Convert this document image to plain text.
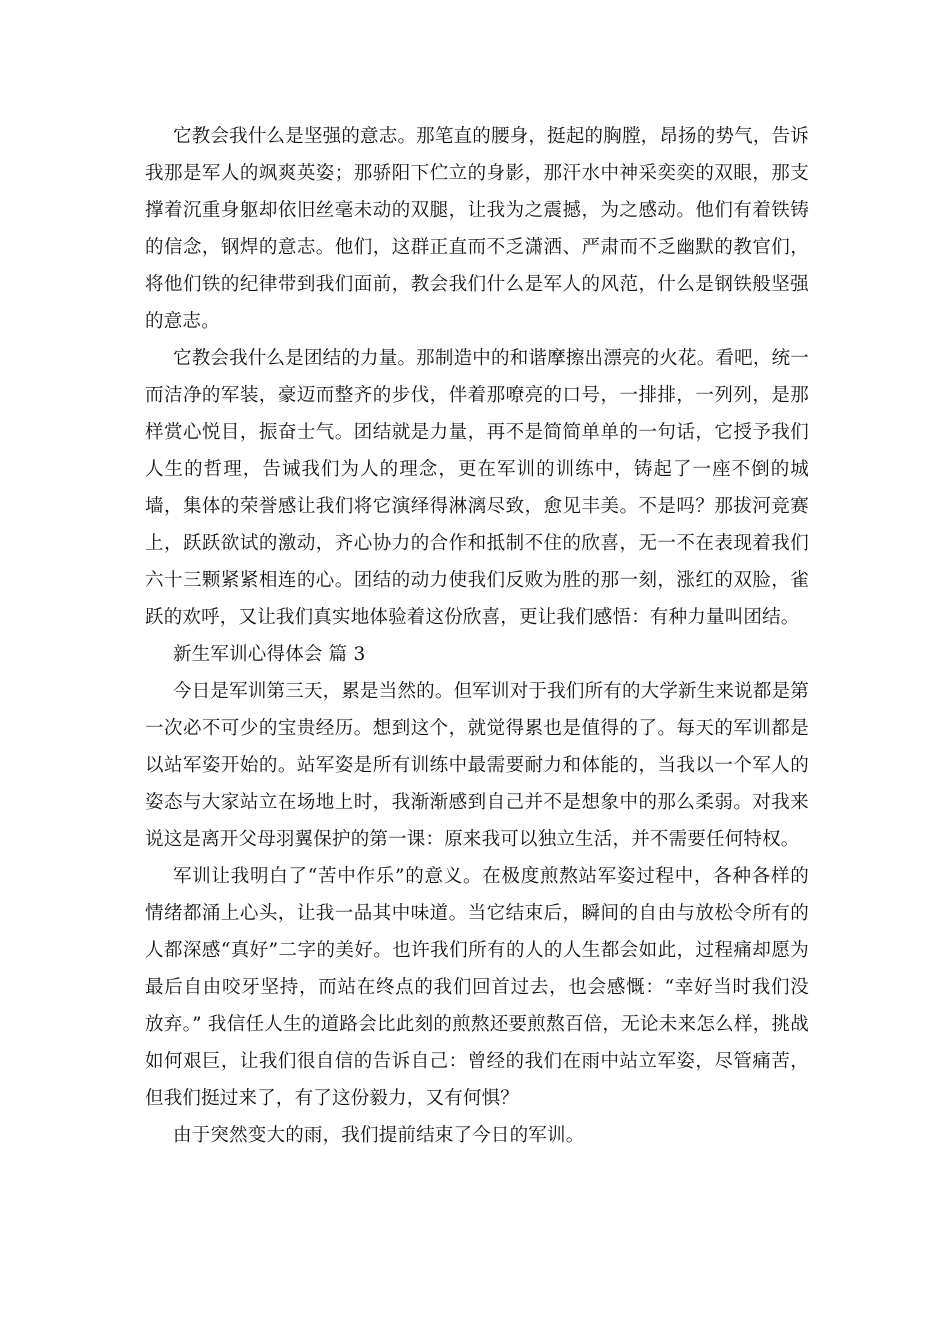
它教会我什么是坚强的意志。那笔直的腰身，挺起的胸膛，昂扬的势气，告诉我那是军人的飒爽英姿；那骄阳下伫立的身影，那汗水中神采奕奕的双眼，那支撑着沉重身躯却依旧丝毫未动的双腿，让我为之震撼，为之感动。他们有着铁铸的信念，钢焊的意志。他们，这群正直而不乏潇洒、严肃而不乏幽默的教官们，将他们铁的纪律带到我们面前，教会我们什么是军人的风范，什么是钢铁般坚强的意志。

它教会我什么是团结的力量。那制造中的和谐摩擦出漂亮的火花。看吧，统一而洁净的军装，豪迈而整齐的步伐，伴着那嘹亮的口号，一排排，一列列，是那样赏心悦目，振奋士气。团结就是力量，再不是简简单单的一句话，它授予我们人生的哲理，告诫我们为人的理念，更在军训的训练中，铸起了一座不倒的城墙，集体的荣誉感让我们将它演绎得淋漓尽致，愈见丰美。不是吗？那拔河竞赛上，跃跃欲试的激动，齐心协力的合作和抵制不住的欣喜，无一不在表现着我们六十三颗紧紧相连的心。团结的动力使我们反败为胜的那一刻，涨红的双脸，雀跃的欢呼，又让我们真实地体验着这份欣喜，更让我们感悟：有种力量叫团结。

新生军训心得体会 篇 3

今日是军训第三天，累是当然的。但军训对于我们所有的大学新生来说都是第一次必不可少的宝贵经历。想到这个，就觉得累也是值得的了。每天的军训都是以站军姿开始的。站军姿是所有训练中最需要耐力和体能的，当我以一个军人的姿态与大家站立在场地上时，我渐渐感到自己并不是想象中的那么柔弱。对我来说这是离开父母羽翼保护的第一课：原来我可以独立生活，并不需要任何特权。

军训让我明白了“苦中作乐”的意义。在极度煎熬站军姿过程中，各种各样的情绪都涌上心头，让我一品其中味道。当它结束后，瞬间的自由与放松令所有的人都深感“真好”二字的美好。也许我们所有的人的人生都会如此，过程痛却愿为最后自由咬牙坚持，而站在终点的我们回首过去，也会感慨：“幸好当时我们没放弃。” 我信任人生的道路会比此刻的煎熬还要煎熬百倍，无论未来怎么样，挑战如何艰巨，让我们很自信的告诉自己：曾经的我们在雨中站立军姿，尽管痛苦，但我们挺过来了，有了这份毅力，又有何惧？

由于突然变大的雨，我们提前结束了今日的军训。
